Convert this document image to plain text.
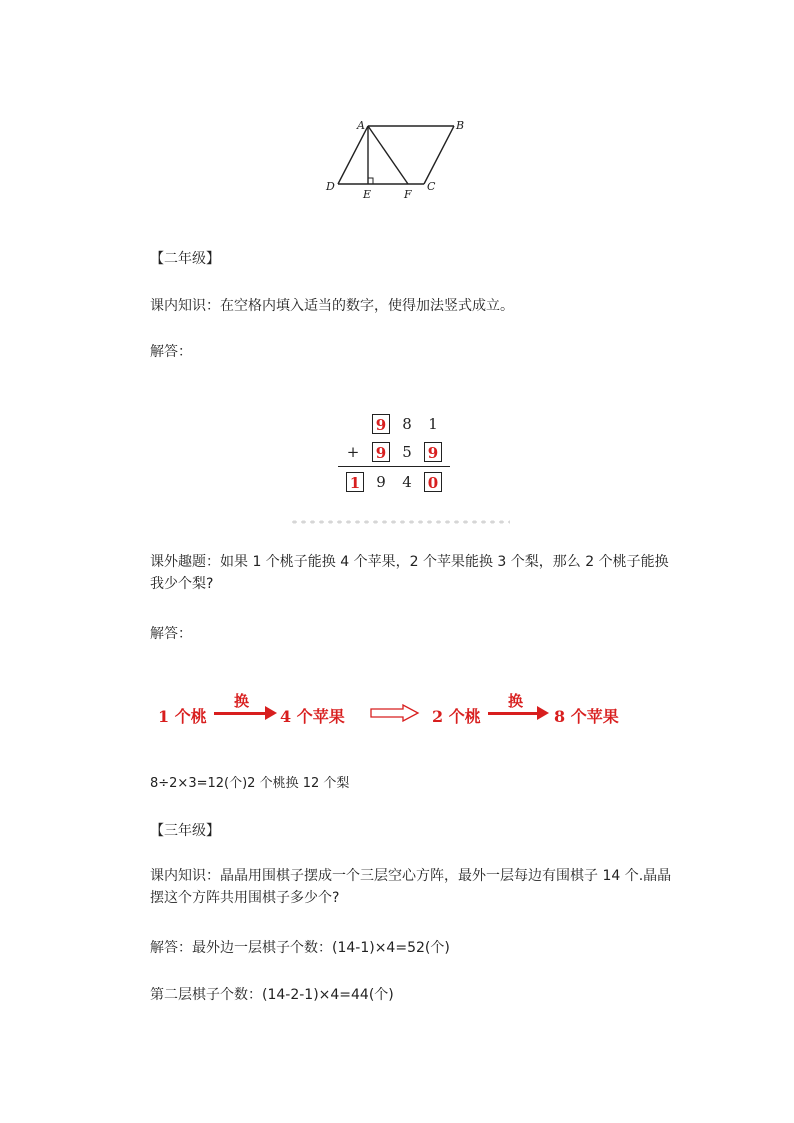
A	B
C
D
E	F

【二年级】

课内知识：在空格内填入适当的数字，使得加法竖式成立。

解答：

9 8 1
+ 9 5 9
1 9 4 0

课外趣题：如果 1 个桃子能换 4 个苹果，2 个苹果能换 3 个梨，那么 2 个桃子能换我少个梨?

解答：

1 个桃
换
4 个苹果	2 个桃
换
8 个苹果

8÷2×3=12(个)2 个桃换 12 个梨

【三年级】

课内知识：晶晶用围棋子摆成一个三层空心方阵，最外一层每边有围棋子 14 个.晶晶摆这个方阵共用围棋子多少个?

解答：最外边一层棋子个数：(14-1)×4=52(个)

第二层棋子个数：(14-2-1)×4=44(个)
